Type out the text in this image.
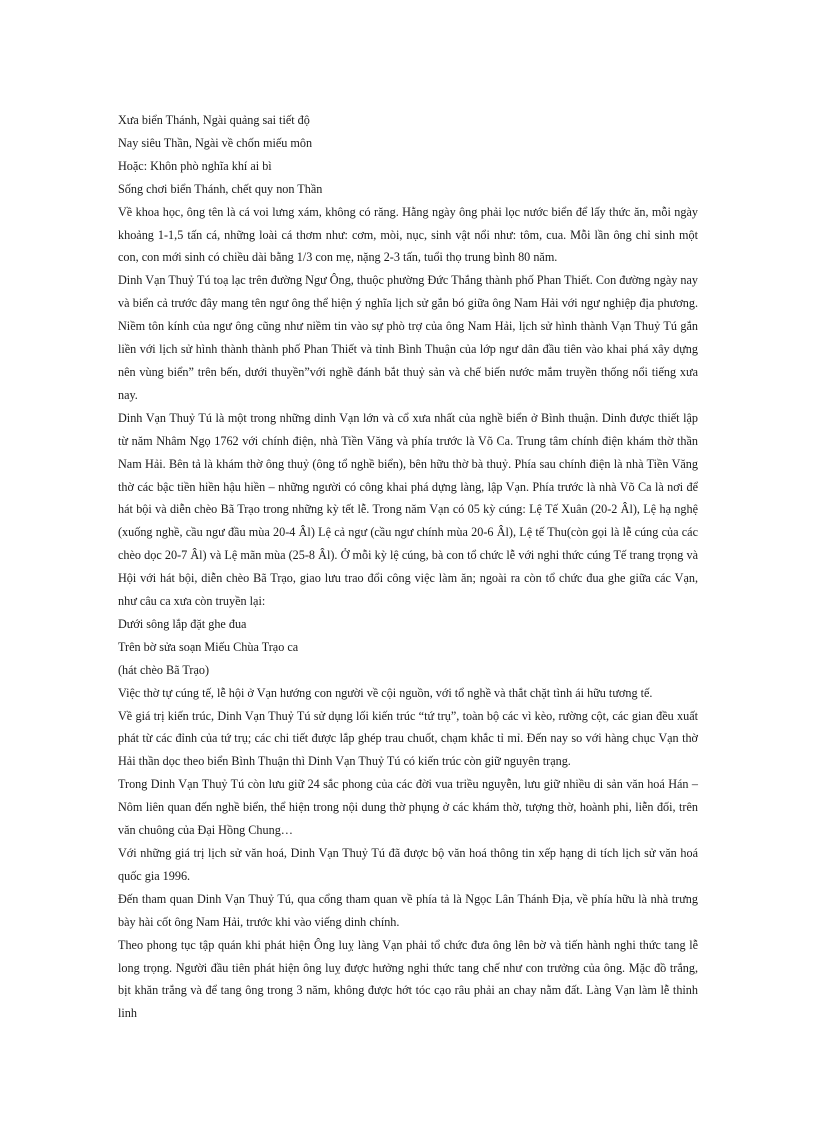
Xưa biển Thánh, Ngài quảng sai tiết độ

Nay siêu Thần, Ngài về chốn miếu môn

Hoặc: Khôn phò nghĩa khí ai bì

Sống chơi biển Thánh, chết quy non Thần

Về khoa học, ông tên là cá voi lưng xám, không có răng. Hằng ngày ông phải lọc nước biển để lấy thức ăn, mỗi ngày khoảng 1-1,5 tấn cá, những loài cá thơm như: cơm, mòi, nục, sinh vật nổi như: tôm, cua. Mỗi lần ông chỉ sinh một con, con mới sinh có chiều dài bằng 1/3 con mẹ, nặng 2-3 tấn, tuổi thọ trung bình 80 năm.

Dinh Vạn Thuỷ Tú toạ lạc trên đường Ngư Ông, thuộc phường Đức Thắng thành phố Phan Thiết. Con đường ngày nay và biển cả trước đây mang tên ngư ông thể hiện ý nghĩa lịch sử gắn bó giữa ông Nam Hải với ngư nghiệp địa phương. Niềm tôn kính của ngư ông cũng như niềm tin vào sự phò trợ của ông Nam Hải, lịch sử hình thành Vạn Thuỷ Tú gắn liền với lịch sử hình thành thành phố Phan Thiết và tỉnh Bình Thuận của lớp ngư dân đầu tiên vào khai phá xây dựng nên vùng biển” trên bến, dưới thuyền”với nghề đánh bắt thuỷ sản và chế biến nước mắm truyền thống nổi tiếng xưa nay.

Dinh Vạn Thuỷ Tú là một trong những dinh Vạn lớn và cổ xưa nhất của nghề biển ở Bình thuận. Dinh được thiết lập từ năm Nhâm Ngọ 1762 với chính điện, nhà Tiền Văng và phía trước là Võ Ca. Trung tâm chính điện khám thờ thần Nam Hải. Bên tả là khám thờ ông thuỷ (ông tổ nghề biển), bên hữu thờ bà thuỷ. Phía sau chính điện là nhà Tiền Văng thờ các bậc tiền hiền hậu hiền – những người có công khai phá dựng làng, lập Vạn. Phía trước là nhà Võ Ca là nơi để hát bội và diễn chèo Bã Trạo trong những kỳ tết lễ. Trong năm Vạn có 05 kỳ cúng: Lệ Tế Xuân (20-2 Âl), Lệ hạ nghệ (xuống nghề, cầu ngư đầu mùa 20-4 Âl) Lệ cả ngư (cầu ngư chính mùa 20-6 Âl), Lệ tế Thu(còn gọi là lễ cúng của các chèo dọc 20-7 Âl) và Lệ mãn mùa (25-8 Âl). Ở mỗi kỳ lệ cúng, bà con tổ chức lễ với nghi thức cúng Tế trang trọng và Hội với hát bội, diễn chèo Bã Trạo, giao lưu trao đổi công việc làm ăn; ngoài ra còn tổ chức đua ghe giữa các Vạn, như câu ca xưa còn truyền lại:

Dưới sông lắp đặt ghe đua

Trên bờ sửa soạn Miếu Chùa Trạo ca

(hát chèo Bã Trạo)

Việc thờ tự cúng tế, lễ hội ở Vạn hướng con người về cội nguồn, với tổ nghề và thắt chặt tình ái hữu tương tế.

Về giá trị kiến trúc, Dinh Vạn Thuỷ Tú sử dụng lối kiến trúc “tứ trụ”, toàn bộ các vì kèo, rường cột, các gian đều xuất phát từ các đỉnh của tứ trụ; các chi tiết được lắp ghép trau chuốt, chạm khắc tỉ mỉ. Đến nay so với hàng chục Vạn thờ Hải thần dọc theo biển Bình Thuận thì Dinh Vạn Thuỷ Tú có kiến trúc còn giữ nguyên trạng.

Trong Dinh Vạn Thuỷ Tú còn lưu giữ 24 sắc phong của các đời vua triều nguyễn, lưu giữ nhiều di sản văn hoá Hán – Nôm liên quan đến nghề biển, thể hiện trong nội dung thờ phụng ở các khám thờ, tượng thờ, hoành phi, liễn đối, trên văn chuông của Đại Hồng Chung…

Với những giá trị lịch sử văn hoá, Dinh Vạn Thuỷ Tú đã được bộ văn hoá thông tin xếp hạng di tích lịch sử văn hoá quốc gia 1996.

Đến tham quan Dinh Vạn Thuỷ Tú, qua cổng tham quan về phía tả là Ngọc Lân Thánh Địa, về phía hữu là nhà trưng bày hài cốt ông Nam Hải, trước khi vào viếng dinh chính.

Theo phong tục tập quán khi phát hiện Ông luỵ làng Vạn phải tổ chức đưa ông lên bờ và tiến hành nghi thức tang lễ long trọng. Người đầu tiên phát hiện ông luỵ được hưởng nghi thức tang chế như con trưởng của ông. Mặc đồ trắng, bịt khăn trắng và để tang ông trong 3 năm, không được hớt tóc cạo râu phải an chay nằm đất. Làng Vạn làm lễ thỉnh linh
